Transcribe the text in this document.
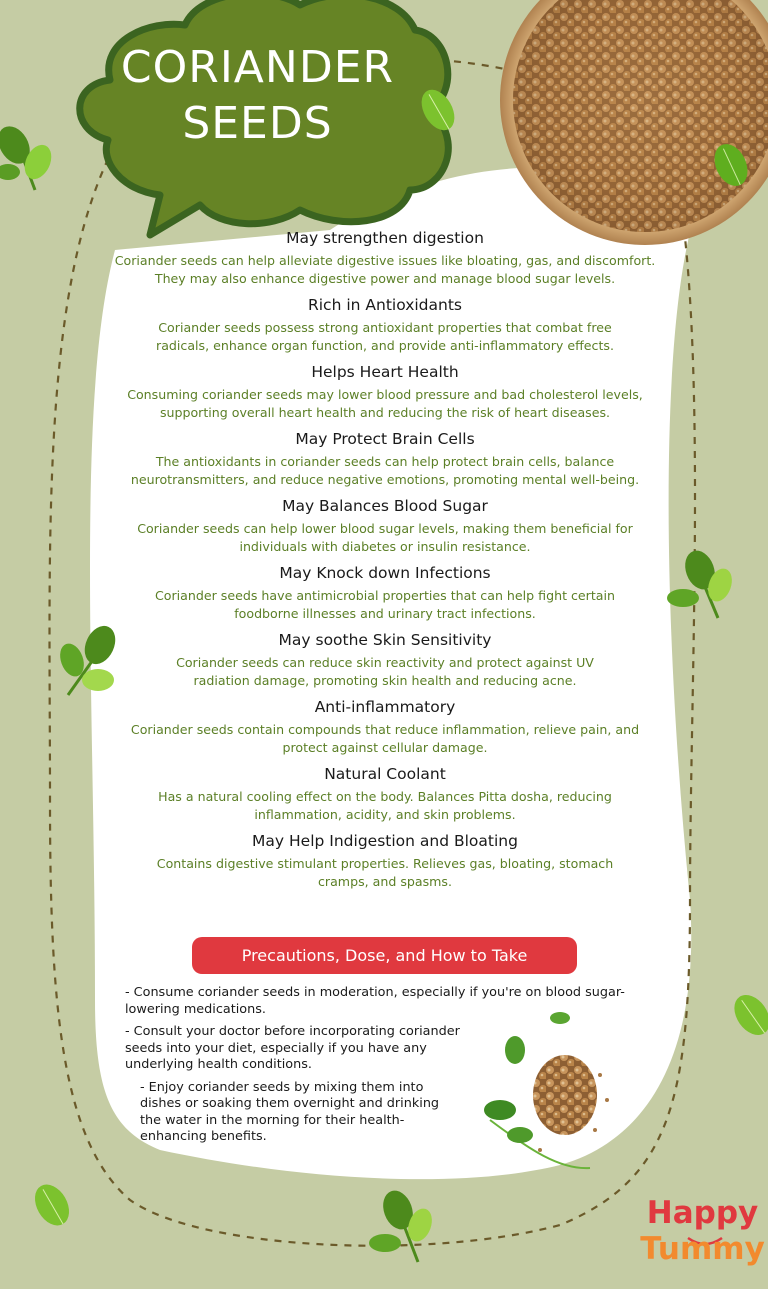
CORIANDER
SEEDS
May strengthen digestion
Coriander seeds can help alleviate digestive issues like bloating, gas, and discomfort. They may also enhance digestive power and manage blood sugar levels.
Rich in Antioxidants
Coriander seeds possess strong antioxidant properties that combat free radicals, enhance organ function, and provide anti-inflammatory effects.
Helps Heart Health
Consuming coriander seeds may lower blood pressure and bad cholesterol levels, supporting overall heart health and reducing the risk of heart diseases.
May Protect Brain Cells
The antioxidants in coriander seeds can help protect brain cells, balance neurotransmitters, and reduce negative emotions, promoting mental well-being.
May Balances Blood Sugar
Coriander seeds can help lower blood sugar levels, making them beneficial for individuals with diabetes or insulin resistance.
May Knock down Infections
Coriander seeds have antimicrobial properties that can help fight certain foodborne illnesses and urinary tract infections.
May soothe Skin Sensitivity
Coriander seeds can reduce skin reactivity and protect against UV radiation damage, promoting skin health and reducing acne.
Anti-inflammatory
Coriander seeds contain compounds that reduce inflammation, relieve pain, and protect against cellular damage.
Natural Coolant
Has a natural cooling effect on the body. Balances Pitta dosha, reducing inflammation, acidity, and skin problems.
May Help Indigestion and Bloating
Contains digestive stimulant properties. Relieves gas, bloating, stomach cramps, and spasms.
Precautions, Dose, and How to Take
- Consume coriander seeds in moderation, especially if you're on blood sugar-lowering medications.
- Consult your doctor before incorporating coriander seeds into your diet, especially if you have any underlying health conditions.
- Enjoy coriander seeds by mixing them into dishes or soaking them overnight and drinking the water in the morning for their health-enhancing benefits.
Happy
Tummy
